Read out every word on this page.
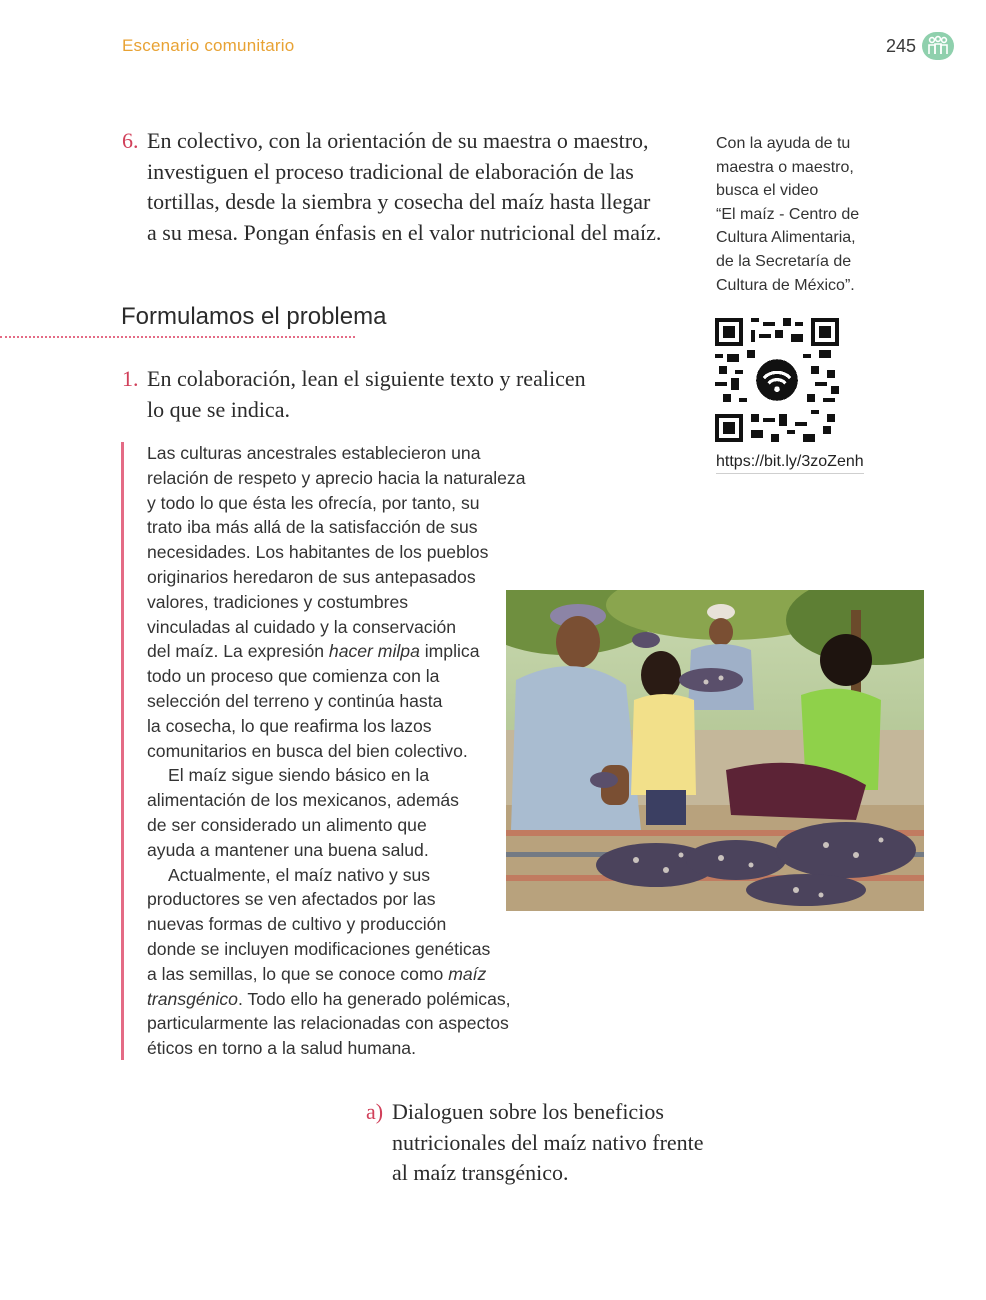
Escenario comunitario	245
6. En colectivo, con la orientación de su maestra o maestro, investiguen el proceso tradicional de elaboración de las tortillas, desde la siembra y cosecha del maíz hasta llegar a su mesa. Pongan énfasis en el valor nutricional del maíz.
Con la ayuda de tu
maestra o maestro,
busca el video
“El maíz - Centro de
Cultura Alimentaria,
de la Secretaría de
Cultura de México”.
https://bit.ly/3zoZenh
Formulamos el problema
1. En colaboración, lean el siguiente texto y realicen lo que se indica.
Las culturas ancestrales establecieron una
relación de respeto y aprecio hacia la naturaleza
y todo lo que ésta les ofrecía, por tanto, su
trato iba más allá de la satisfacción de sus
necesidades. Los habitantes de los pueblos
originarios heredaron de sus antepasados
valores, tradiciones y costumbres
vinculadas al cuidado y la conservación
del maíz. La expresión hacer milpa implica
todo un proceso que comienza con la
selección del terreno y continúa hasta
la cosecha, lo que reafirma los lazos
comunitarios en busca del bien colectivo.
El maíz sigue siendo básico en la
alimentación de los mexicanos, además
de ser considerado un alimento que
ayuda a mantener una buena salud.
Actualmente, el maíz nativo y sus
productores se ven afectados por las
nuevas formas de cultivo y producción
donde se incluyen modificaciones genéticas
a las semillas, lo que se conoce como maíz
transgénico. Todo ello ha generado polémicas,
particularmente las relacionadas con aspectos
éticos en torno a la salud humana.
a) Dialoguen sobre los beneficios nutricionales del maíz nativo frente al maíz transgénico.
